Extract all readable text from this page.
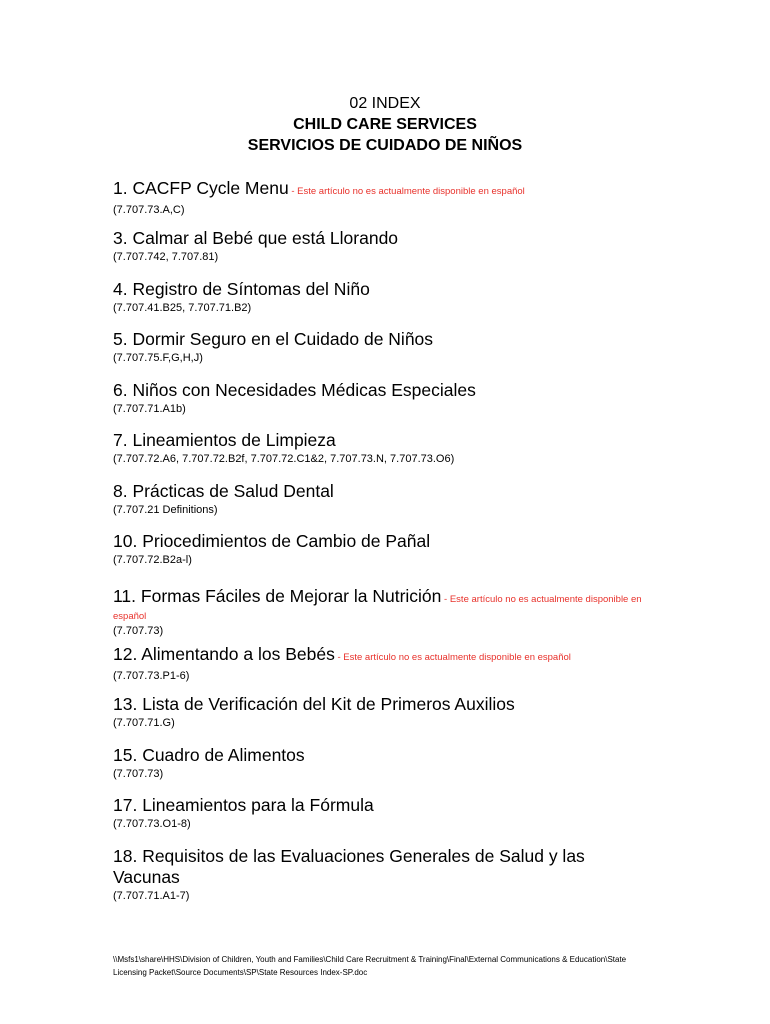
02 INDEX
CHILD CARE SERVICES
SERVICIOS DE CUIDADO DE NIÑOS
1. CACFP Cycle Menu - Este artículo no es actualmente disponible en español
(7.707.73.A,C)
3. Calmar al Bebé que está Llorando
(7.707.742, 7.707.81)
4. Registro de Síntomas del Niño
(7.707.41.B25, 7.707.71.B2)
5. Dormir Seguro en el Cuidado de Niños
(7.707.75.F,G,H,J)
6. Niños con Necesidades Médicas Especiales
(7.707.71.A1b)
7. Lineamientos de Limpieza
(7.707.72.A6, 7.707.72.B2f, 7.707.72.C1&2, 7.707.73.N, 7.707.73.O6)
8. Prácticas de Salud Dental
(7.707.21 Definitions)
10. Priocedimientos de Cambio de Pañal
(7.707.72.B2a-l)
11. Formas Fáciles de Mejorar la Nutrición - Este artículo no es actualmente disponible en español
(7.707.73)
12. Alimentando a los Bebés - Este artículo no es actualmente disponible en español
(7.707.73.P1-6)
13. Lista de Verificación del Kit de Primeros Auxilios
(7.707.71.G)
15. Cuadro de Alimentos
(7.707.73)
17. Lineamientos para la Fórmula
(7.707.73.O1-8)
18. Requisitos de las Evaluaciones Generales de Salud y las Vacunas
(7.707.71.A1-7)
\\Msfs1\share\HHS\Division of Children, Youth and Families\Child Care Recruitment & Training\Final\External Communications & Education\State Licensing Packet\Source Documents\SP\State Resources Index-SP.doc
